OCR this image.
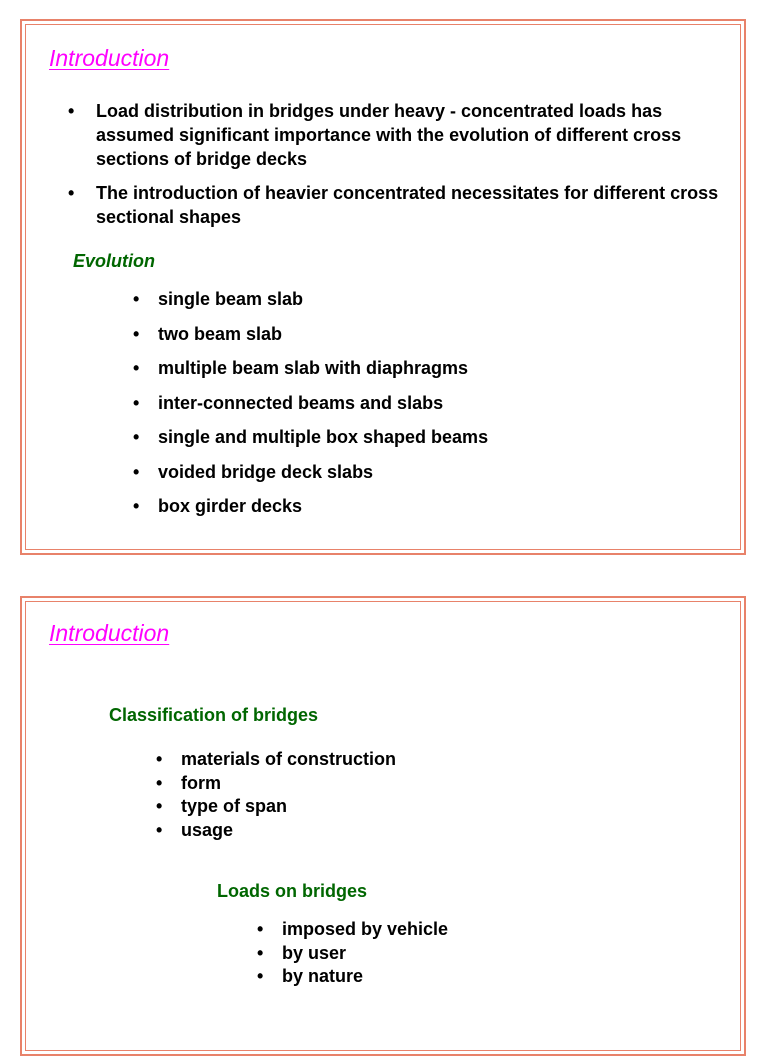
Introduction
• Load distribution in bridges under heavy - concentrated loads has assumed significant importance with the evolution of different cross sections of bridge decks
• The introduction of heavier concentrated necessitates for different cross sectional shapes
Evolution
• single beam slab
• two beam slab
• multiple beam slab with diaphragms
• inter-connected beams and slabs
• single and multiple box shaped beams
• voided bridge deck slabs
• box girder decks
Introduction
Classification of bridges
• materials of construction
• form
• type of span
• usage
Loads on bridges
• imposed by vehicle
• by user
• by nature
